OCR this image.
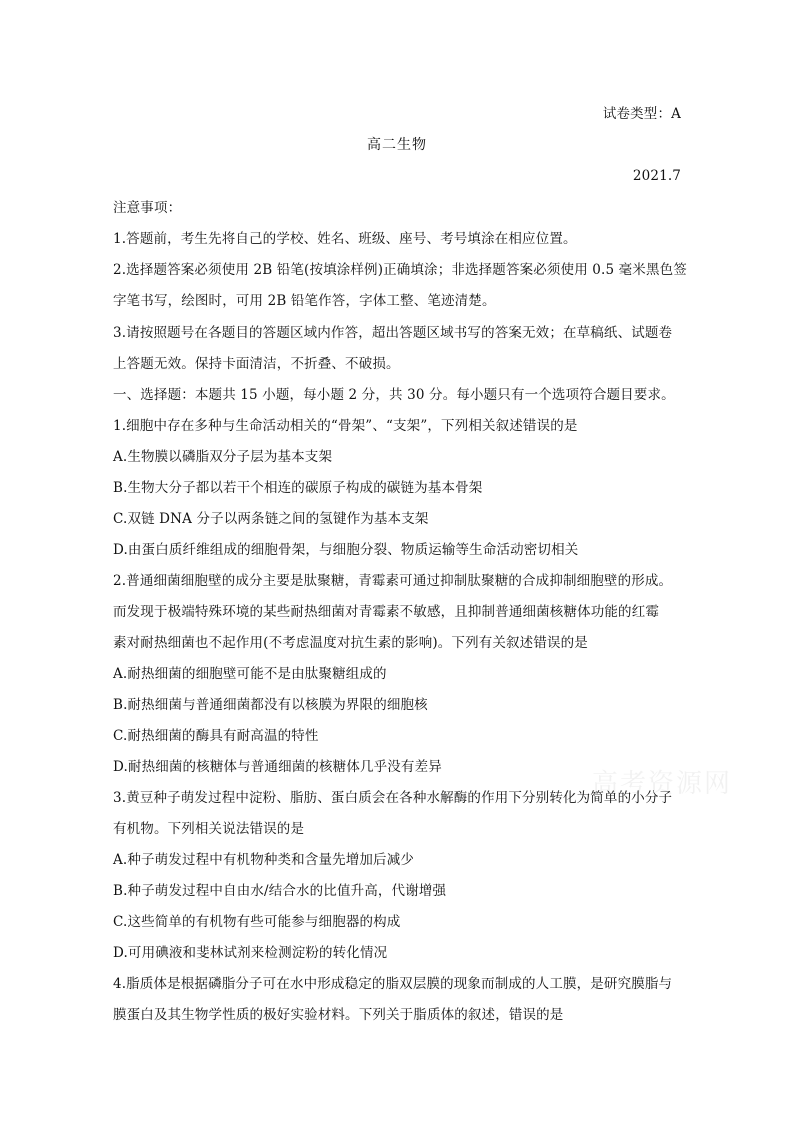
试卷类型：A
高二生物
2021.7
注意事项：
1.答题前，考生先将自己的学校、姓名、班级、座号、考号填涂在相应位置。
2.选择题答案必须使用 2B 铅笔(按填涂样例)正确填涂；非选择题答案必须使用 0.5 毫米黑色签
字笔书写，绘图时，可用 2B 铅笔作答，字体工整、笔迹清楚。
3.请按照题号在各题目的答题区域内作答，超出答题区域书写的答案无效；在草稿纸、试题卷
上答题无效。保持卡面清洁，不折叠、不破损。
一、选择题：本题共 15 小题，每小题 2 分，共 30 分。每小题只有一个选项符合题目要求。
1.细胞中存在多种与生命活动相关的“骨架”、“支架”，下列相关叙述错误的是
A.生物膜以磷脂双分子层为基本支架
B.生物大分子都以若干个相连的碳原子构成的碳链为基本骨架
C.双链 DNA 分子以两条链之间的氢键作为基本支架
D.由蛋白质纤维组成的细胞骨架，与细胞分裂、物质运输等生命活动密切相关
2.普通细菌细胞壁的成分主要是肽聚糖，青霉素可通过抑制肽聚糖的合成抑制细胞壁的形成。
而发现于极端特殊环境的某些耐热细菌对青霉素不敏感，且抑制普通细菌核糖体功能的红霉
素对耐热细菌也不起作用(不考虑温度对抗生素的影响)。下列有关叙述错误的是
A.耐热细菌的细胞壁可能不是由肽聚糖组成的
B.耐热细菌与普通细菌都没有以核膜为界限的细胞核
C.耐热细菌的酶具有耐高温的特性
D.耐热细菌的核糖体与普通细菌的核糖体几乎没有差异
3.黄豆种子萌发过程中淀粉、脂肪、蛋白质会在各种水解酶的作用下分别转化为简单的小分子
有机物。下列相关说法错误的是
A.种子萌发过程中有机物种类和含量先增加后减少
B.种子萌发过程中自由水/结合水的比值升高，代谢增强
C.这些简单的有机物有些可能参与细胞器的构成
D.可用碘液和斐林试剂来检测淀粉的转化情况
4.脂质体是根据磷脂分子可在水中形成稳定的脂双层膜的现象而制成的人工膜，是研究膜脂与
膜蛋白及其生物学性质的极好实验材料。下列关于脂质体的叙述，错误的是
高考资源网
